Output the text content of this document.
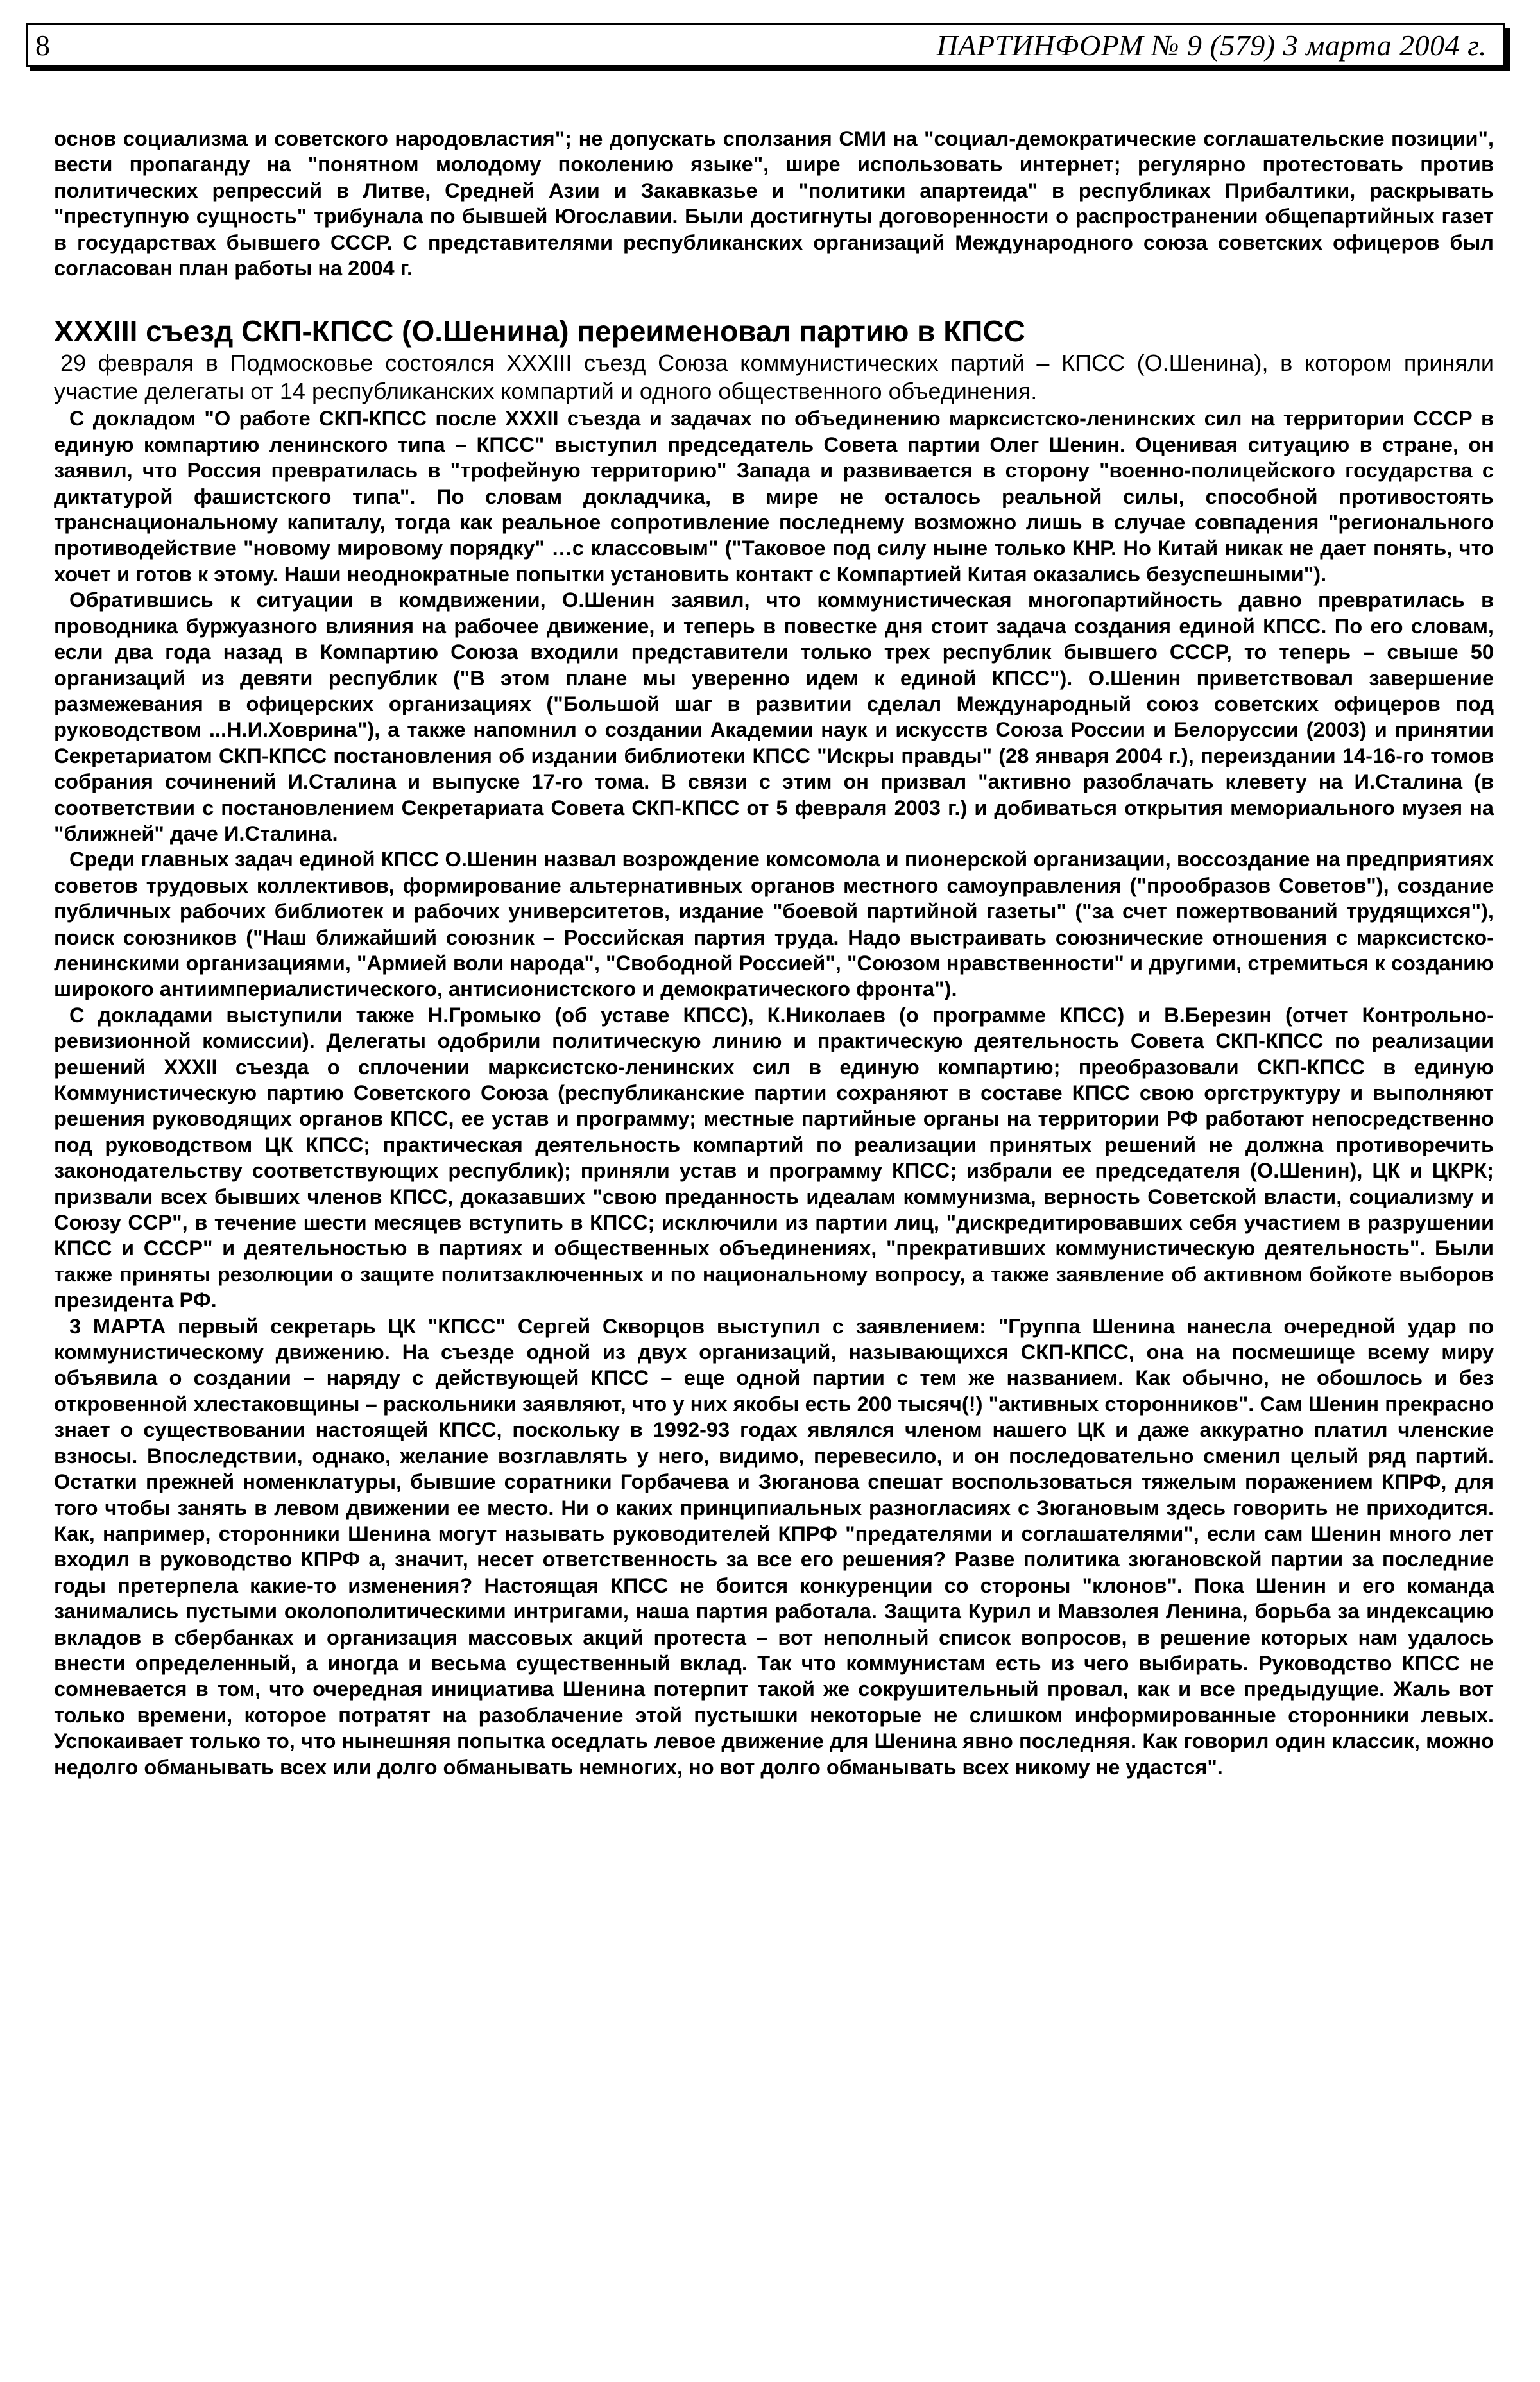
8	ПАРТИНФОРМ № 9 (579) 3 марта 2004 г.

основ социализма и советского народовластия"; не допускать сползания СМИ на "социал-демократические соглашательские позиции", вести пропаганду на "понятном молодому поколению языке", шире использовать интернет; регулярно протестовать против политических репрессий в Литве, Средней Азии и Закавказье и "политики апартеида" в республиках Прибалтики, раскрывать "преступную сущность" трибунала по бывшей Югославии. Были достигнуты договоренности о распространении общепартийных газет в государствах бывшего СССР. С представителями республиканских организаций Международного союза советских офицеров был согласован план работы на 2004 г.

XXXIII съезд СКП-КПСС (О.Шенина) переименовал партию в КПСС

29 февраля в Подмосковье состоялся XXXIII съезд Союза коммунистических партий – КПСС (О.Шенина), в котором приняли участие делегаты от 14 республиканских компартий и одного общественного объединения.

С докладом "О работе СКП-КПСС после XXXII съезда и задачах по объединению марксистско-ленинских сил на территории СССР в единую компартию ленинского типа – КПСС" выступил председатель Совета партии Олег Шенин. Оценивая ситуацию в стране, он заявил, что Россия превратилась в "трофейную территорию" Запада и развивается в сторону "военно-полицейского государства с диктатурой фашистского типа". По словам докладчика, в мире не осталось реальной силы, способной противостоять транснациональному капиталу, тогда как реальное сопротивление последнему возможно лишь в случае совпадения "регионального противодействие "новому мировому порядку" …с классовым" ("Таковое под силу ныне только КНР. Но Китай никак не дает понять, что хочет и готов к этому. Наши неоднократные попытки установить контакт с Компартией Китая оказались безуспешными").

Обратившись к ситуации в комдвижении, О.Шенин заявил, что коммунистическая многопартийность давно превратилась в проводника буржуазного влияния на рабочее движение, и теперь в повестке дня стоит задача создания единой КПСС. По его словам, если два года назад в Компартию Союза входили представители только трех республик бывшего СССР, то теперь – свыше 50 организаций из девяти республик ("В этом плане мы уверенно идем к единой КПСС"). О.Шенин приветствовал завершение размежевания в офицерских организациях ("Большой шаг в развитии сделал Международный союз советских офицеров под руководством ...Н.И.Ховрина"), а также напомнил о создании Академии наук и искусств Союза России и Белоруссии (2003) и принятии Секретариатом СКП-КПСС постановления об издании библиотеки КПСС "Искры правды" (28 января 2004 г.), переиздании 14-16-го томов собрания сочинений И.Сталина и выпуске 17-го тома. В связи с этим он призвал "активно разоблачать клевету на И.Сталина (в соответствии с постановлением Секретариата Совета СКП-КПСС от 5 февраля 2003 г.) и добиваться открытия мемориального музея на "ближней" даче И.Сталина.

Среди главных задач единой КПСС О.Шенин назвал возрождение комсомола и пионерской организации, воссоздание на предприятиях советов трудовых коллективов, формирование альтернативных органов местного самоуправления ("прообразов Советов"), создание публичных рабочих библиотек и рабочих университетов, издание "боевой партийной газеты" ("за счет пожертвований трудящихся"), поиск союзников ("Наш ближайший союзник – Российская партия труда. Надо выстраивать союзнические отношения с марксистско-ленинскими организациями, "Армией воли народа", "Свободной Россией", "Союзом нравственности" и другими, стремиться к созданию широкого антиимпериалистического, антисионистского и демократического фронта").

С докладами выступили также Н.Громыко (об уставе КПСС), К.Николаев (о программе КПСС) и В.Березин (отчет Контрольно-ревизионной комиссии). Делегаты одобрили политическую линию и практическую деятельность Совета СКП-КПСС по реализации решений XXXII съезда о сплочении марксистско-ленинских сил в единую компартию; преобразовали СКП-КПСС в единую Коммунистическую партию Советского Союза (республиканские партии сохраняют в составе КПСС свою оргструктуру и выполняют решения руководящих органов КПСС, ее устав и программу; местные партийные органы на территории РФ работают непосредственно под руководством ЦК КПСС; практическая деятельность компартий по реализации принятых решений не должна противоречить законодательству соответствующих республик); приняли устав и программу КПСС; избрали ее председателя (О.Шенин), ЦК и ЦКРК; призвали всех бывших членов КПСС, доказавших "свою преданность идеалам коммунизма, верность Советской власти, социализму и Союзу ССР", в течение шести месяцев вступить в КПСС; исключили из партии лиц, "дискредитировавших себя участием в разрушении КПСС и СССР" и деятельностью в партиях и общественных объединениях, "прекративших коммунистическую деятельность". Были также приняты резолюции о защите политзаключенных и по национальному вопросу, а также заявление об активном бойкоте выборов президента РФ.

3 МАРТА первый секретарь ЦК "КПСС" Сергей Скворцов выступил с заявлением: "Группа Шенина нанесла очередной удар по коммунистическому движению. На съезде одной из двух организаций, называющихся СКП-КПСС, она на посмешище всему миру объявила о создании – наряду с действующей КПСС – еще одной партии с тем же названием. Как обычно, не обошлось и без откровенной хлестаковщины – раскольники заявляют, что у них якобы есть 200 тысяч(!) "активных сторонников". Сам Шенин прекрасно знает о существовании настоящей КПСС, поскольку в 1992-93 годах являлся членом нашего ЦК и даже аккуратно платил членские взносы. Впоследствии, однако, желание возглавлять у него, видимо, перевесило, и он последовательно сменил целый ряд партий. Остатки прежней номенклатуры, бывшие соратники Горбачева и Зюганова спешат воспользоваться тяжелым поражением КПРФ, для того чтобы занять в левом движении ее место. Ни о каких принципиальных разногласиях с Зюгановым здесь говорить не приходится. Как, например, сторонники Шенина могут называть руководителей КПРФ "предателями и соглашателями", если сам Шенин много лет входил в руководство КПРФ а, значит, несет ответственность за все его решения? Разве политика зюгановской партии за последние годы претерпела какие-то изменения? Настоящая КПСС не боится конкуренции со стороны "клонов". Пока Шенин и его команда занимались пустыми околополитическими интригами, наша партия работала. Защита Курил и Мавзолея Ленина, борьба за индексацию вкладов в сбербанках и организация массовых акций протеста – вот неполный список вопросов, в решение которых нам удалось внести определенный, а иногда и весьма существенный вклад. Так что коммунистам есть из чего выбирать. Руководство КПСС не сомневается в том, что очередная инициатива Шенина потерпит такой же сокрушительный провал, как и все предыдущие. Жаль вот только времени, которое потратят на разоблачение этой пустышки некоторые не слишком информированные сторонники левых. Успокаивает только то, что нынешняя попытка оседлать левое движение для Шенина явно последняя. Как говорил один классик, можно недолго обманывать всех или долго обманывать немногих, но вот долго обманывать всех никому не удастся".
